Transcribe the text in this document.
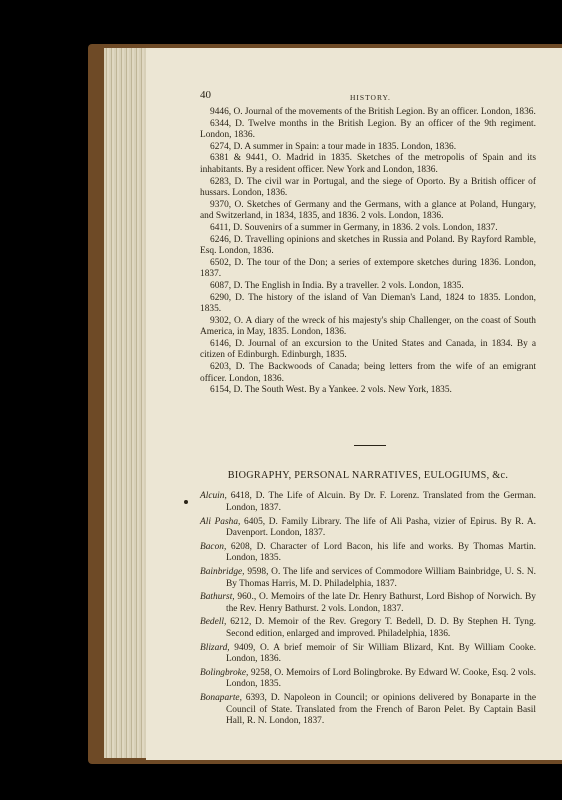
40	HISTORY.

9446, O. Journal of the movements of the British Legion. By an officer. London, 1836.

6344, D. Twelve months in the British Legion. By an officer of the 9th regiment. London, 1836.

6274, D. A summer in Spain: a tour made in 1835. London, 1836.

6381 & 9441, O. Madrid in 1835. Sketches of the metropolis of Spain and its inhabitants. By a resident officer. New York and London, 1836.

6283, D. The civil war in Portugal, and the siege of Oporto. By a British officer of hussars. London, 1836.

9370, O. Sketches of Germany and the Germans, with a glance at Poland, Hungary, and Switzerland, in 1834, 1835, and 1836. 2 vols. London, 1836.

6411, D. Souvenirs of a summer in Germany, in 1836. 2 vols. London, 1837.

6246, D. Travelling opinions and sketches in Russia and Poland. By Rayford Ramble, Esq. London, 1836.

6502, D. The tour of the Don; a series of extempore sketches during 1836. London, 1837.

6087, D. The English in India. By a traveller. 2 vols. London, 1835.

6290, D. The history of the island of Van Dieman's Land, 1824 to 1835. London, 1835.

9302, O. A diary of the wreck of his majesty's ship Challenger, on the coast of South America, in May, 1835. London, 1836.

6146, D. Journal of an excursion to the United States and Canada, in 1834. By a citizen of Edinburgh. Edinburgh, 1835.

6203, D. The Backwoods of Canada; being letters from the wife of an emigrant officer. London, 1836.

6154, D. The South West. By a Yankee. 2 vols. New York, 1835.

BIOGRAPHY, PERSONAL NARRATIVES, EULOGIUMS, &c.

Alcuin, 6418, D. The Life of Alcuin. By Dr. F. Lorenz. Translated from the German. London, 1837.

Ali Pasha, 6405, D. Family Library. The life of Ali Pasha, vizier of Epirus. By R. A. Davenport. London, 1837.

Bacon, 6208, D. Character of Lord Bacon, his life and works. By Thomas Martin. London, 1835.

Bainbridge, 9598, O. The life and services of Commodore William Bainbridge, U. S. N. By Thomas Harris, M. D. Philadelphia, 1837.

Bathurst, 960., O. Memoirs of the late Dr. Henry Bathurst, Lord Bishop of Norwich. By the Rev. Henry Bathurst. 2 vols. London, 1837.

Bedell, 6212, D. Memoir of the Rev. Gregory T. Bedell, D. D. By Stephen H. Tyng. Second edition, enlarged and improved. Philadelphia, 1836.

Blizard, 9409, O. A brief memoir of Sir William Blizard, Knt. By William Cooke. London, 1836.

Bolingbroke, 9258, O. Memoirs of Lord Bolingbroke. By Edward W. Cooke, Esq. 2 vols. London, 1835.

Bonaparte, 6393, D. Napoleon in Council; or opinions delivered by Bonaparte in the Council of State. Translated from the French of Baron Pelet. By Captain Basil Hall, R. N. London, 1837.
